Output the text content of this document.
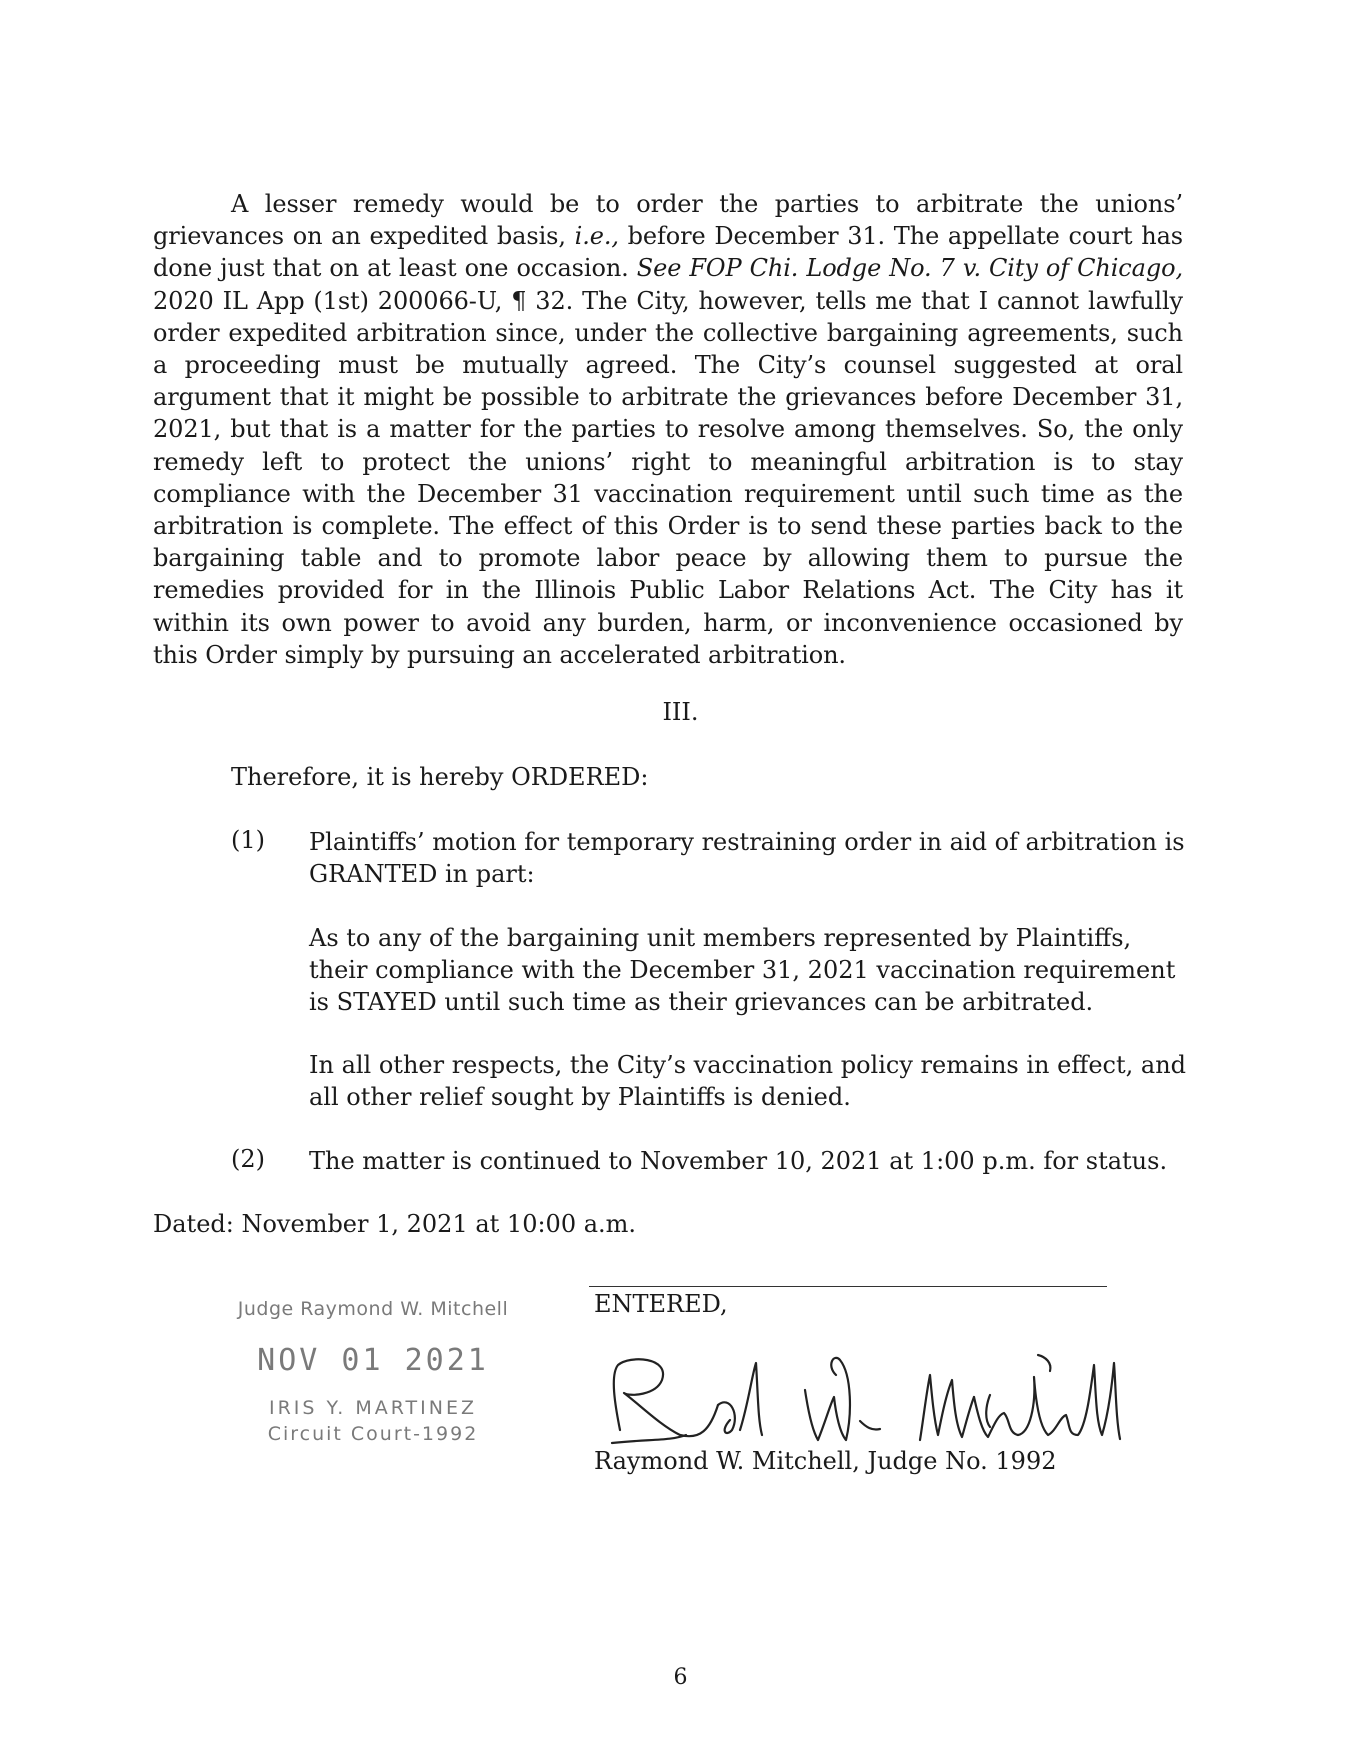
A lesser remedy would be to order the parties to arbitrate the unions’ grievances on an expedited basis, i.e., before December 31. The appellate court has done just that on at least one occasion. See FOP Chi. Lodge No. 7 v. City of Chicago, 2020 IL App (1st) 200066-U, ¶ 32. The City, however, tells me that I cannot lawfully order expedited arbitration since, under the collective bargaining agreements, such a proceeding must be mutually agreed. The City’s counsel suggested at oral argument that it might be possible to arbitrate the grievances before December 31, 2021, but that is a matter for the parties to resolve among themselves. So, the only remedy left to protect the unions’ right to meaningful arbitration is to stay compliance with the December 31 vaccination requirement until such time as the arbitration is complete. The effect of this Order is to send these parties back to the bargaining table and to promote labor peace by allowing them to pursue the remedies provided for in the Illinois Public Labor Relations Act. The City has it within its own power to avoid any burden, harm, or inconvenience occasioned by this Order simply by pursuing an accelerated arbitration.

III.
Therefore, it is hereby ORDERED:
(1) Plaintiffs’ motion for temporary restraining order in aid of arbitration is GRANTED in part:
As to any of the bargaining unit members represented by Plaintiffs, their compliance with the December 31, 2021 vaccination requirement is STAYED until such time as their grievances can be arbitrated.
In all other respects, the City’s vaccination policy remains in effect, and all other relief sought by Plaintiffs is denied.
(2) The matter is continued to November 10, 2021 at 1:00 p.m. for status.
Dated: November 1, 2021 at 10:00 a.m.
Judge Raymond W. Mitchell
NOV 01 2021
IRIS Y. MARTINEZ
Circuit Court-1992
ENTERED,
Raymond W. Mitchell, Judge No. 1992
6
